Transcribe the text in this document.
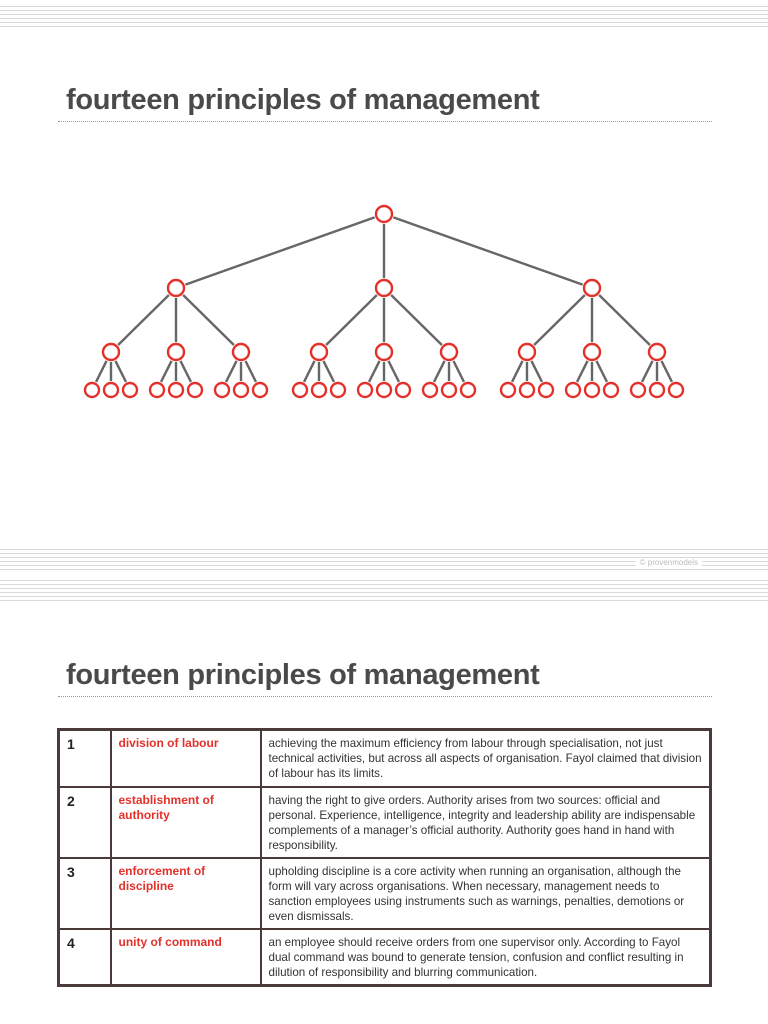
fourteen principles of management
© provenmodels
fourteen principles of management
1	division of labour	achieving the maximum efficiency from labour through specialisation, not just technical activities, but across all aspects of organisation. Fayol claimed that division of labour has its limits.
2	establishment of authority	having the right to give orders. Authority arises from two sources: official and personal. Experience, intelligence, integrity and leadership ability are indispensable complements of a manager’s official authority. Authority goes hand in hand with responsibility.
3	enforcement of discipline	upholding discipline is a core activity when running an organisation, although the form will vary across organisations. When necessary, management needs to sanction employees using instruments such as warnings, penalties, demotions or even dismissals.
4	unity of command	an employee should receive orders from one supervisor only. According to Fayol dual command was bound to generate tension, confusion and conflict resulting in dilution of responsibility and blurring communication.
